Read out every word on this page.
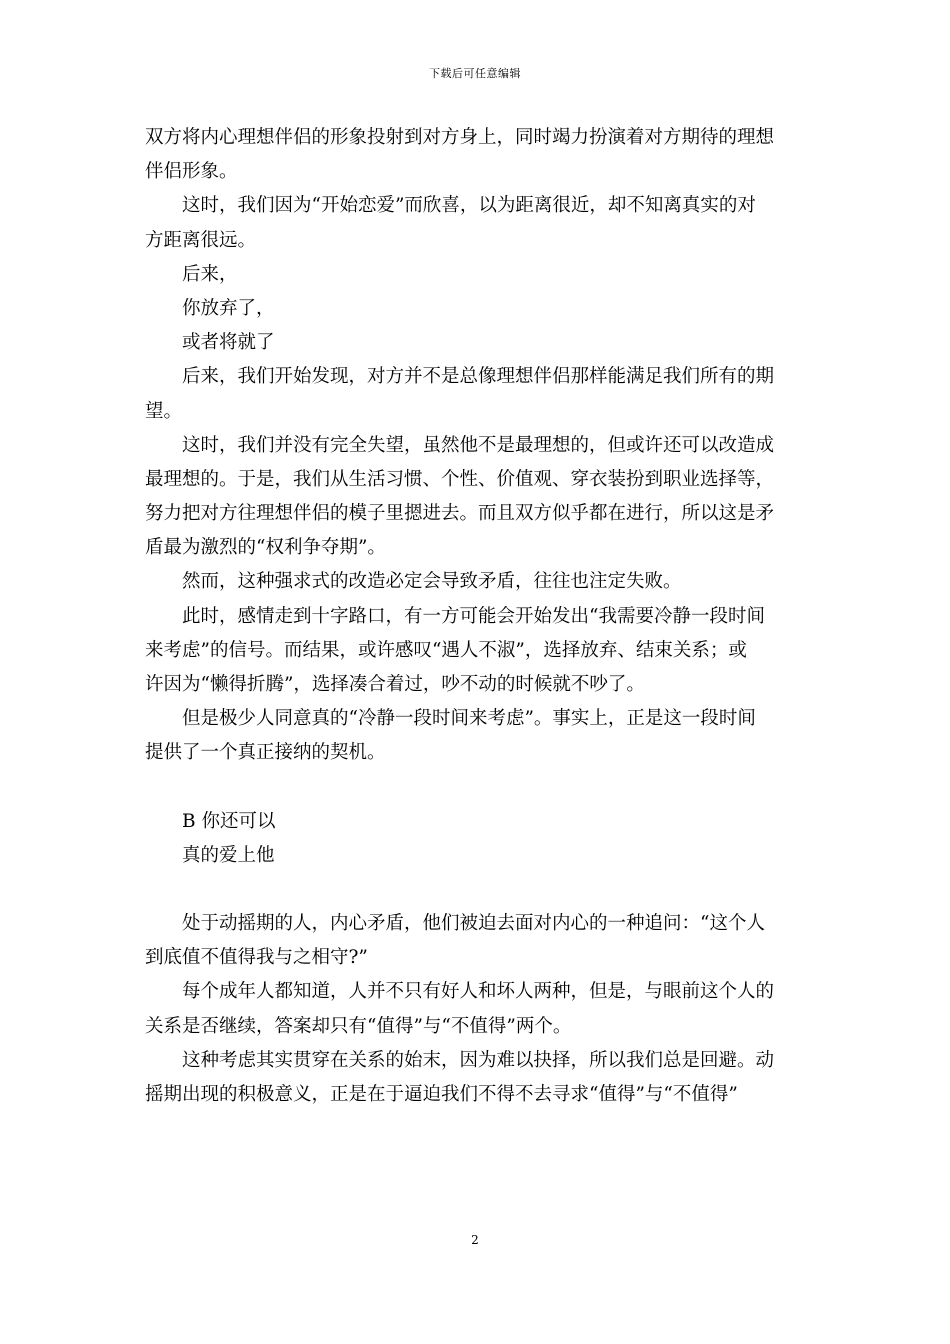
下载后可任意编辑

双方将内心理想伴侣的形象投射到对方身上，同时竭力扮演着对方期待的理想
伴侣形象。

这时，我们因为“开始恋爱”而欣喜，以为距离很近，却不知离真实的对
方距离很远。

后来，

你放弃了，

或者将就了

后来，我们开始发现，对方并不是总像理想伴侣那样能满足我们所有的期
望。

这时，我们并没有完全失望，虽然他不是最理想的，但或许还可以改造成
最理想的。于是，我们从生活习惯、个性、价值观、穿衣装扮到职业选择等，
努力把对方往理想伴侣的模子里摁进去。而且双方似乎都在进行，所以这是矛
盾最为激烈的“权利争夺期”。

然而，这种强求式的改造必定会导致矛盾，往往也注定失败。

此时，感情走到十字路口，有一方可能会开始发出“我需要冷静一段时间
来考虑”的信号。而结果，或许感叹“遇人不淑”，选择放弃、结束关系；或
许因为“懒得折腾”，选择凑合着过，吵不动的时候就不吵了。

但是极少人同意真的“冷静一段时间来考虑”。事实上，正是这一段时间
提供了一个真正接纳的契机。

B 你还可以

真的爱上他

处于动摇期的人，内心矛盾，他们被迫去面对内心的一种追问：“这个人
到底值不值得我与之相守?”

每个成年人都知道，人并不只有好人和坏人两种，但是，与眼前这个人的
关系是否继续，答案却只有“值得”与“不值得”两个。

这种考虑其实贯穿在关系的始末，因为难以抉择，所以我们总是回避。动
摇期出现的积极意义，正是在于逼迫我们不得不去寻求“值得”与“不值得”

2
